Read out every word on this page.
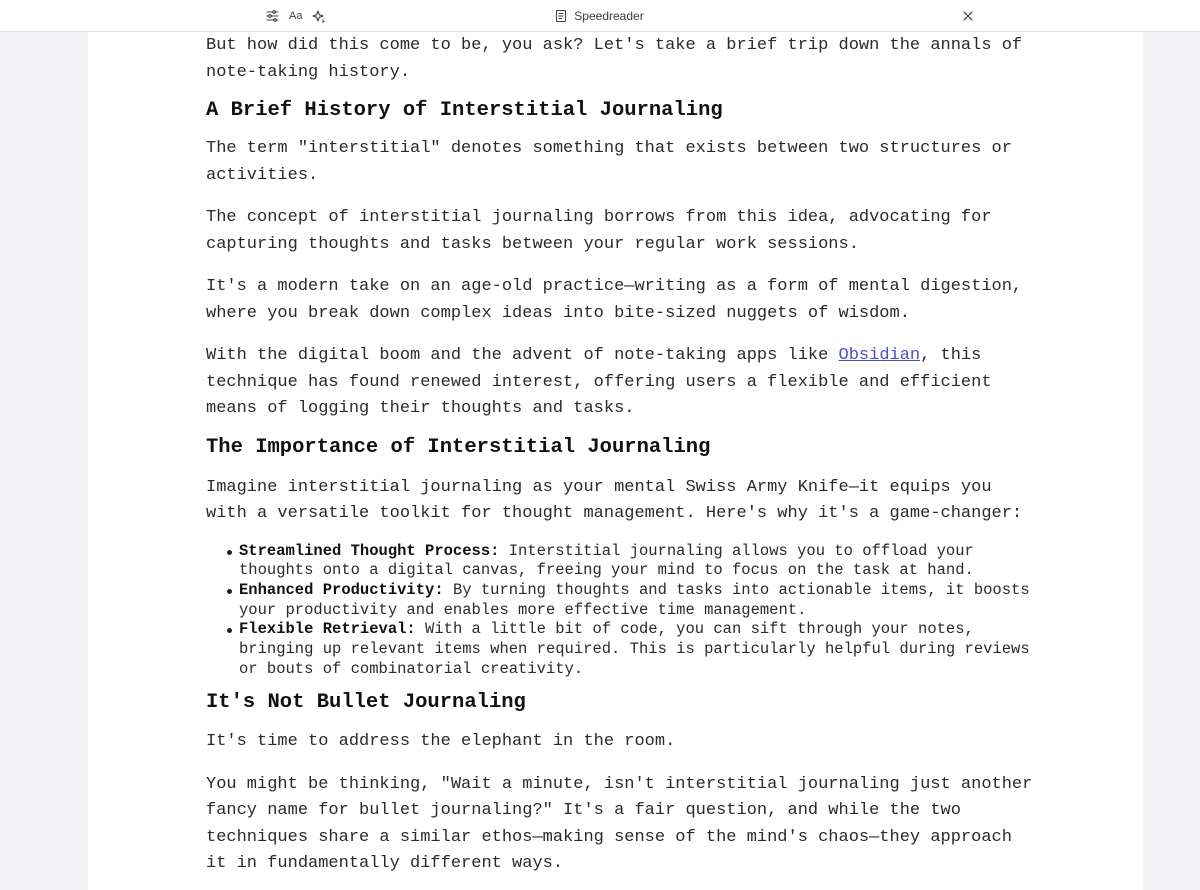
Aa	Speedreader

But how did this come to be, you ask? Let's take a brief trip down the annals of note-taking history.

A Brief History of Interstitial Journaling

The term "interstitial" denotes something that exists between two structures or activities.

The concept of interstitial journaling borrows from this idea, advocating for capturing thoughts and tasks between your regular work sessions.

It's a modern take on an age-old practice—writing as a form of mental digestion, where you break down complex ideas into bite-sized nuggets of wisdom.

With the digital boom and the advent of note-taking apps like Obsidian, this technique has found renewed interest, offering users a flexible and efficient means of logging their thoughts and tasks.

The Importance of Interstitial Journaling

Imagine interstitial journaling as your mental Swiss Army Knife—it equips you with a versatile toolkit for thought management. Here's why it's a game-changer:

Streamlined Thought Process: Interstitial journaling allows you to offload your thoughts onto a digital canvas, freeing your mind to focus on the task at hand.
Enhanced Productivity: By turning thoughts and tasks into actionable items, it boosts your productivity and enables more effective time management.
Flexible Retrieval: With a little bit of code, you can sift through your notes, bringing up relevant items when required. This is particularly helpful during reviews or bouts of combinatorial creativity.
It's Not Bullet Journaling

It's time to address the elephant in the room.

You might be thinking, "Wait a minute, isn't interstitial journaling just another fancy name for bullet journaling?" It's a fair question, and while the two techniques share a similar ethos—making sense of the mind's chaos—they approach it in fundamentally different ways.
